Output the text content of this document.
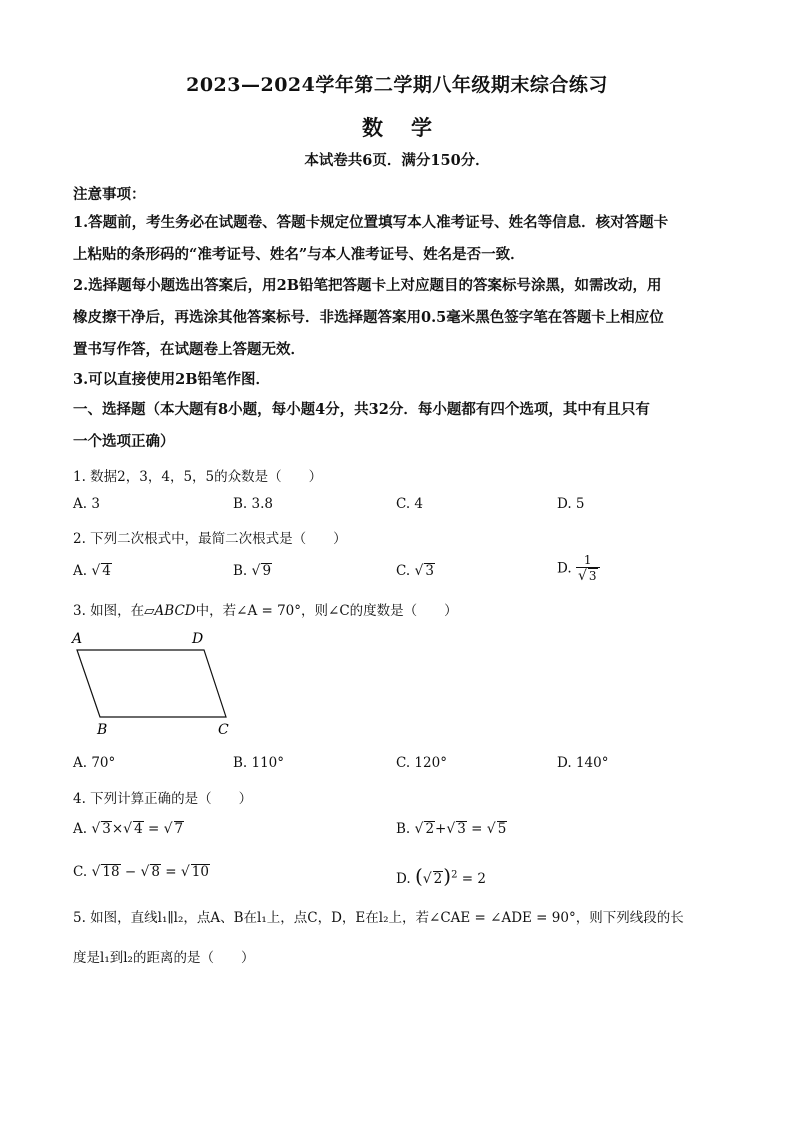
2023—2024学年第二学期八年级期末综合练习
数 学
本试卷共6页．满分150分．
注意事项：
1.答题前，考生务必在试题卷、答题卡规定位置填写本人准考证号、姓名等信息．核对答题卡
上粘贴的条形码的“准考证号、姓名”与本人准考证号、姓名是否一致．
2.选择题每小题选出答案后，用2B铅笔把答题卡上对应题目的答案标号涂黑，如需改动，用
橡皮擦干净后，再选涂其他答案标号．非选择题答案用0.5毫米黑色签字笔在答题卡上相应位
置书写作答，在试题卷上答题无效．
3.可以直接使用2B铅笔作图．
一、选择题（本大题有8小题，每小题4分，共32分．每小题都有四个选项，其中有且只有
一个选项正确）
1. 数据2，3，4，5，5的众数是（　　）
A. 3	B. 3.8	C. 4	D. 5
2. 下列二次根式中，最简二次根式是（　　）
A. √ 4	B. √ 9	C. √ 3	D. $\frac{1}{√ 3}$
3. 如图，在▱ABCD中，若∠A = 70°，则∠C的度数是（　　）
A	D
B	C
A. 70°	B. 110°	C. 120°	D. 140°
4. 下列计算正确的是（　　）
A. √ 3×√ 4 = √ 7	B. √ 2+√ 3 = √ 5
C. √ 18 − √ 8 = √ 10	D. (√ 2)$^2$ = 2
5. 如图，直线l₁∥l₂，点A、B在l₁上，点C，D，E在l₂上，若∠CAE = ∠ADE = 90°，则下列线段的长
度是l₁到l₂的距离的是（　　）
